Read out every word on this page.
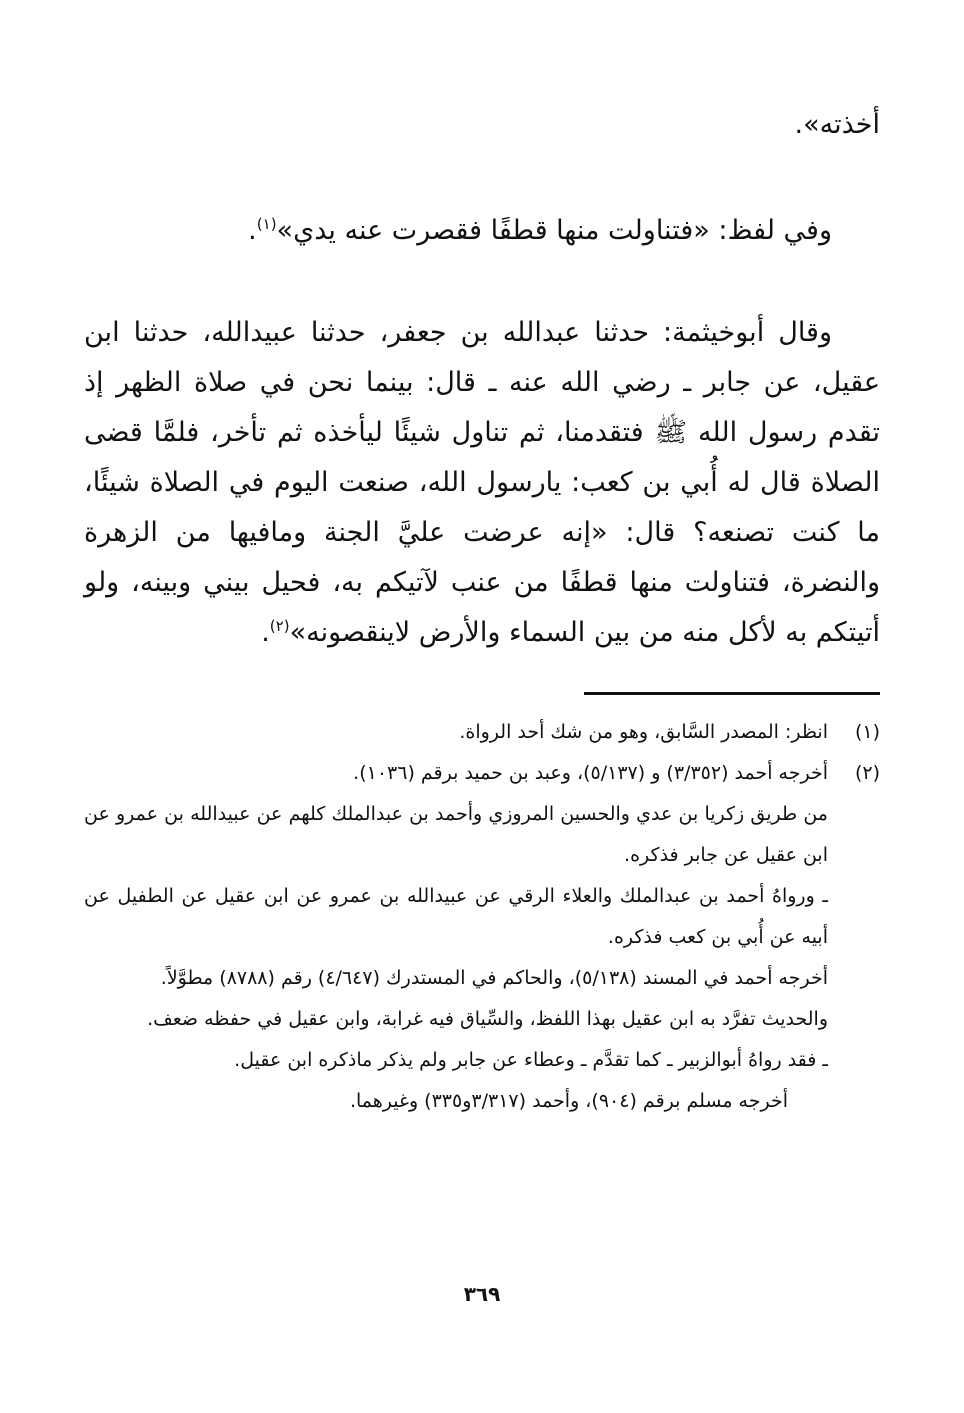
أخذته».

وفي لفظ: «فتناولت منها قطفًا فقصرت عنه يدي»$^{(١)}$.

وقال أبوخيثمة: حدثنا عبدالله بن جعفر، حدثنا عبيدالله، حدثنا ابن عقيل، عن جابر ـ رضي الله عنه ـ قال: بينما نحن في صلاة الظهر إذ تقدم رسول الله ﷺ فتقدمنا، ثم تناول شيئًا ليأخذه ثم تأخر، فلمَّا قضى الصلاة قال له أُبي بن كعب: يارسول الله، صنعت اليوم في الصلاة شيئًا، ما كنت تصنعه؟ قال: «إنه عرضت عليَّ الجنة ومافيها من الزهرة والنضرة، فتناولت منها قطفًا من عنب لآتيكم به، فحيل بيني وبينه، ولو أتيتكم به لأكل منه من بين السماء والأرض لاينقصونه»$^{(٢)}$.

(١)
انظر: المصدر السَّابق، وهو من شك أحد الرواة.
(٢)
أخرجه أحمد (٣/٣٥٢) و (٥/١٣٧)، وعبد بن حميد برقم (١٠٣٦).
من طريق زكريا بن عدي والحسين المروزي وأحمد بن عبدالملك كلهم عن عبيدالله بن عمرو عن ابن عقيل عن جابر فذكره.
ـ ورواهُ أحمد بن عبدالملك والعلاء الرقي عن عبيدالله بن عمرو عن ابن عقيل عن الطفيل عن أبيه عن أُبي بن كعب فذكره.
أخرجه أحمد في المسند (٥/١٣٨)، والحاكم في المستدرك (٤/٦٤٧) رقم (٨٧٨٨) مطوَّلاً.
والحديث تفرَّد به ابن عقيل بهذا اللفظ، والسِّياق فيه غرابة، وابن عقيل في حفظه ضعف.
ـ فقد رواهُ أبوالزبير ـ كما تقدَّم ـ وعطاء عن جابر ولم يذكر ماذكره ابن عقيل.
أخرجه مسلم برقم (٩٠٤)، وأحمد (٣/٣١٧و٣٣٥) وغيرهما.
٣٦٩
